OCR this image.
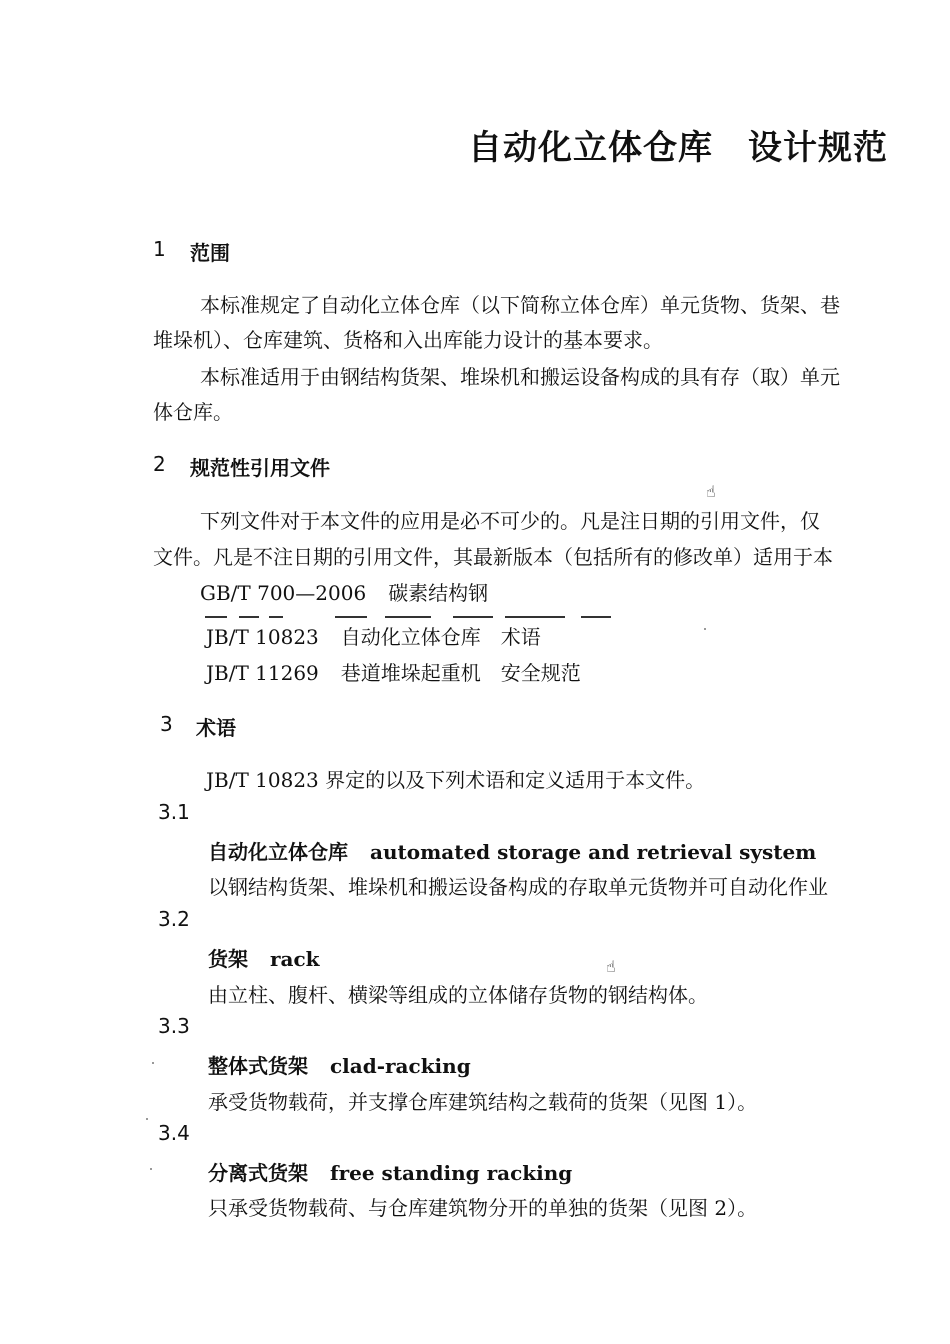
自动化立体仓库　设计规范
1 范围
本标准规定了自动化立体仓库（以下简称立体仓库）单元货物、货架、巷
堆垛机）、仓库建筑、货格和入出库能力设计的基本要求。
本标准适用于由钢结构货架、堆垛机和搬运设备构成的具有存（取）单元
体仓库。
2 规范性引用文件
☝
下列文件对于本文件的应用是必不可少的。凡是注日期的引用文件，仅
文件。凡是不注日期的引用文件，其最新版本（包括所有的修改单）适用于本
GB/T 700—2006 碳素结构钢
JB/T 10823 自动化立体仓库　术语
JB/T 11269 巷道堆垛起重机　安全规范
3 术语
JB/T 10823 界定的以及下列术语和定义适用于本文件。
3.1
自动化立体仓库 automated storage and retrieval system
以钢结构货架、堆垛机和搬运设备构成的存取单元货物并可自动化作业
3.2
货架 rack	☝
由立柱、腹杆、横梁等组成的立体储存货物的钢结构体。
3.3
整体式货架 clad-racking
承受货物载荷，并支撑仓库建筑结构之载荷的货架（见图 1）。
3.4
分离式货架 free standing racking
只承受货物载荷、与仓库建筑物分开的单独的货架（见图 2）。
